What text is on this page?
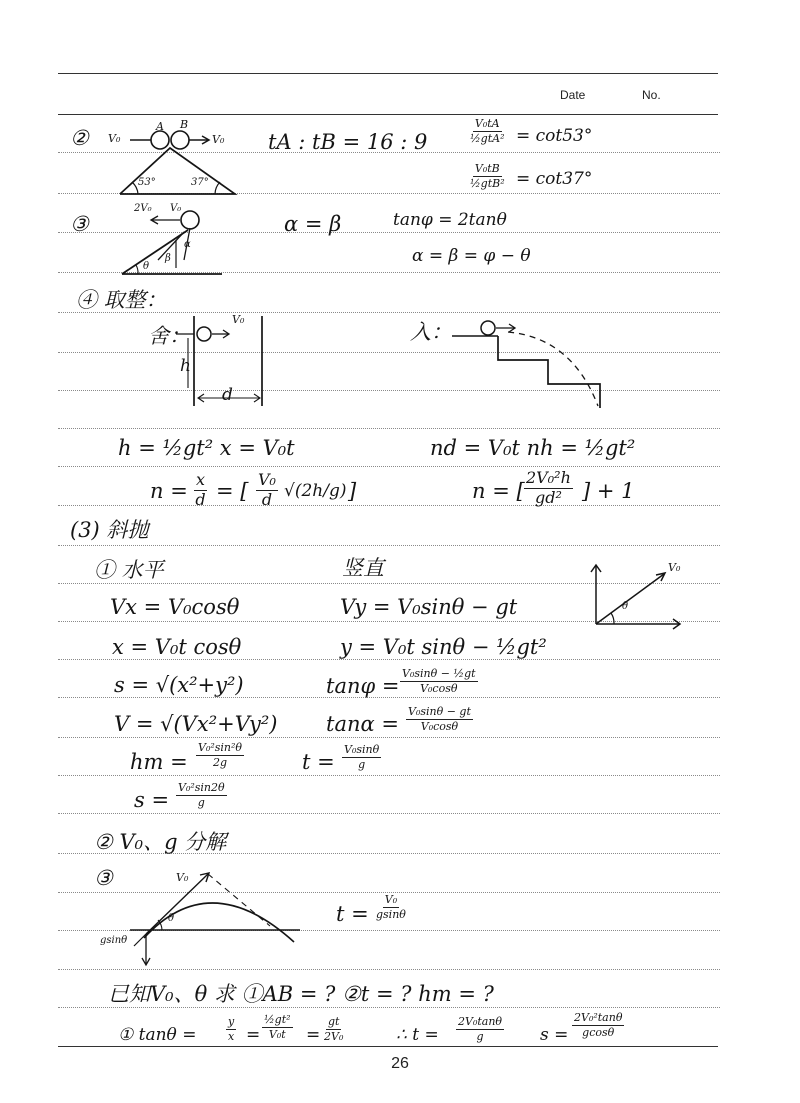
Date	No.
② V₀
A B
V₀
53°	37°
tA : tB = 16 : 9
V₀tA
½gtA² = cot53°
V₀tB
½gtB² = cot37°
③
2V₀ V₀
α
β
θ
α = β	tanφ = 2tanθ
α = β = φ − θ
④ 取整：
舍：
V₀
h
d
入：
h = ½gt² x = V₀t
$n = \frac{x}{d}$ = [ $\frac{\text{V₀}}{d} √(2h/g)$ ]
nd = V₀t nh = ½gt²
n = [ $\frac{\text{2V₀²h}}{\text{gd²}}$ ] + 1
(3) 斜抛
① 水平	竖直	V₀
θ
Vx = V₀cosθ
x = V₀t cosθ
s = √(x²+y²)
V = √(Vx²+Vy²)
Vy = V₀sinθ − gt
y = V₀t sinθ − ½gt²
$\tan\varphi = \frac{\text{V₀sinθ − ½gt}}{\text{V₀cosθ}}$
$\tan\alpha = \frac{\text{V₀sinθ − gt}}{\text{V₀cosθ}}$
hm = $\frac{\text{V₀²sin²θ}}{2g}$	$t = \frac{\text{V₀sinθ}}{g}$
$s = \frac{\text{V₀²sin2θ}}{g}$
② V₀、g 分解
③	V₀
θ
gsinθ
$t = \frac{\text{V₀}}{gsin\theta}$
已知V₀、θ 求 ①AB = ? ②t = ? hm = ?
① tanθ =	$\frac{y}{x} = \frac{\text{½gt²}}{\text{V₀t}} = \frac{gt}{\text{2V₀}}$	∴ $t = \frac{\text{2V₀tanθ}}{g}$ $s = \frac{\text{2V₀²tanθ}}{gcos\theta}$
26
